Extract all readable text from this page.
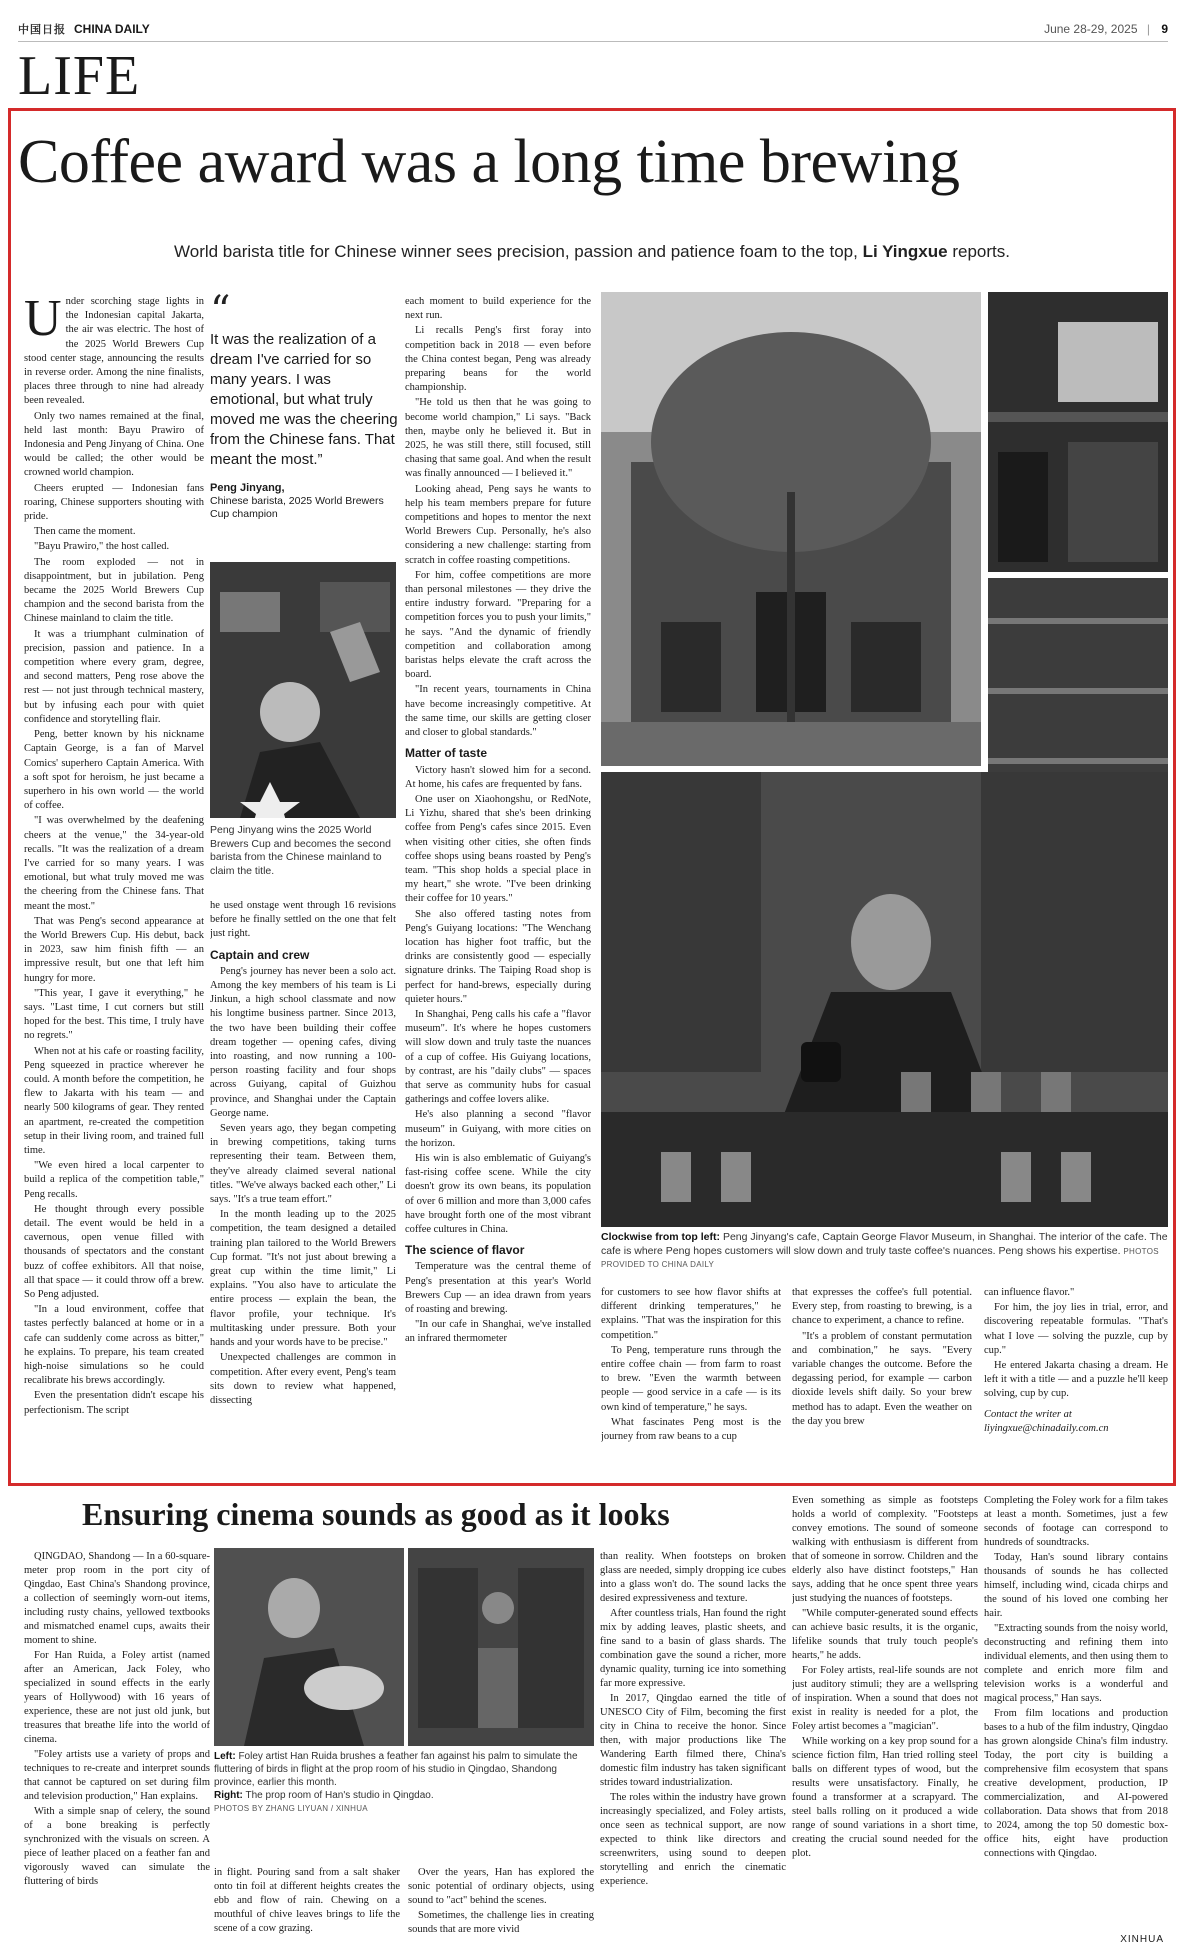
中国日报 CHINA DAILY	June 28-29, 2025 | 9
LIFE
Coffee award was a long time brewing
World barista title for Chinese winner sees precision, passion and patience foam to the top, Li Yingxue reports.

Under scorching stage lights in the Indonesian capital Jakarta, the air was electric. The host of the 2025 World Brewers Cup stood center stage, announcing the results in reverse order. Among the nine finalists, places three through to nine had already been revealed.

Only two names remained at the final, held last month: Bayu Prawiro of Indonesia and Peng Jinyang of China. One would be called; the other would be crowned world champion.

Cheers erupted — Indonesian fans roaring, Chinese supporters shouting with pride.

Then came the moment.

"Bayu Prawiro," the host called.

The room exploded — not in disappointment, but in jubilation. Peng became the 2025 World Brewers Cup champion and the second barista from the Chinese mainland to claim the title.

It was a triumphant culmination of precision, passion and patience. In a competition where every gram, degree, and second matters, Peng rose above the rest — not just through technical mastery, but by infusing each pour with quiet confidence and storytelling flair.

Peng, better known by his nickname Captain George, is a fan of Marvel Comics' superhero Captain America. With a soft spot for heroism, he just became a superhero in his own world — the world of coffee.

"I was overwhelmed by the deafening cheers at the venue," the 34-year-old recalls. "It was the realization of a dream I've carried for so many years. I was emotional, but what truly moved me was the cheering from the Chinese fans. That meant the most."

That was Peng's second appearance at the World Brewers Cup. His debut, back in 2023, saw him finish fifth — an impressive result, but one that left him hungry for more.

"This year, I gave it everything," he says. "Last time, I cut corners but still hoped for the best. This time, I truly have no regrets."

When not at his cafe or roasting facility, Peng squeezed in practice wherever he could. A month before the competition, he flew to Jakarta with his team — and nearly 500 kilograms of gear. They rented an apartment, re-created the competition setup in their living room, and trained full time.

"We even hired a local carpenter to build a replica of the competition table," Peng recalls.

He thought through every possible detail. The event would be held in a cavernous, open venue filled with thousands of spectators and the constant buzz of coffee exhibitors. All that noise, all that space — it could throw off a brew. So Peng adjusted.

"In a loud environment, coffee that tastes perfectly balanced at home or in a cafe can suddenly come across as bitter," he explains. To prepare, his team created high-noise simulations so he could recalibrate his brews accordingly.

Even the presentation didn't escape his perfectionism. The script

“
It was the realization of a dream I've carried for so many years. I was emotional, but what truly moved me was the cheering from the Chinese fans. That meant the most.”
Peng Jinyang,
Chinese barista, 2025 World Brewers Cup champion
Peng Jinyang wins the 2025 World Brewers Cup and becomes the second barista from the Chinese mainland to claim the title.

he used onstage went through 16 revisions before he finally settled on the one that felt just right.

Captain and crew

Peng's journey has never been a solo act. Among the key members of his team is Li Jinkun, a high school classmate and now his longtime business partner. Since 2013, the two have been building their coffee dream together — opening cafes, diving into roasting, and now running a 100-person roasting facility and four shops across Guiyang, capital of Guizhou province, and Shanghai under the Captain George name.

Seven years ago, they began competing in brewing competitions, taking turns representing their team. Between them, they've already claimed several national titles. "We've always backed each other," Li says. "It's a true team effort."

In the month leading up to the 2025 competition, the team designed a detailed training plan tailored to the World Brewers Cup format. "It's not just about brewing a great cup within the time limit," Li explains. "You also have to articulate the entire process — explain the bean, the flavor profile, your technique. It's multitasking under pressure. Both your hands and your words have to be precise."

Unexpected challenges are common in competition. After every event, Peng's team sits down to review what happened, dissecting

each moment to build experience for the next run.

Li recalls Peng's first foray into competition back in 2018 — even before the China contest began, Peng was already preparing beans for the world championship.

"He told us then that he was going to become world champion," Li says. "Back then, maybe only he believed it. But in 2025, he was still there, still focused, still chasing that same goal. And when the result was finally announced — I believed it."

Looking ahead, Peng says he wants to help his team members prepare for future competitions and hopes to mentor the next World Brewers Cup. Personally, he's also considering a new challenge: starting from scratch in coffee roasting competitions.

For him, coffee competitions are more than personal milestones — they drive the entire industry forward. "Preparing for a competition forces you to push your limits," he says. "And the dynamic of friendly competition and collaboration among baristas helps elevate the craft across the board.

"In recent years, tournaments in China have become increasingly competitive. At the same time, our skills are getting closer and closer to global standards."

Matter of taste

Victory hasn't slowed him for a second. At home, his cafes are frequented by fans.

One user on Xiaohongshu, or RedNote, Li Yizhu, shared that she's been drinking coffee from Peng's cafes since 2015. Even when visiting other cities, she often finds coffee shops using beans roasted by Peng's team. "This shop holds a special place in my heart," she wrote. "I've been drinking their coffee for 10 years."

She also offered tasting notes from Peng's Guiyang locations: "The Wenchang location has higher foot traffic, but the drinks are consistently good — especially signature drinks. The Taiping Road shop is perfect for hand-brews, especially during quieter hours."

In Shanghai, Peng calls his cafe a "flavor museum". It's where he hopes customers will slow down and truly taste the nuances of a cup of coffee. His Guiyang locations, by contrast, are his "daily clubs" — spaces that serve as community hubs for casual gatherings and coffee lovers alike.

He's also planning a second "flavor museum" in Guiyang, with more cities on the horizon.

His win is also emblematic of Guiyang's fast-rising coffee scene. While the city doesn't grow its own beans, its population of over 6 million and more than 3,000 cafes have brought forth one of the most vibrant coffee cultures in China.

The science of flavor

Temperature was the central theme of Peng's presentation at this year's World Brewers Cup — an idea drawn from years of roasting and brewing.

"In our cafe in Shanghai, we've installed an infrared thermometer

Clockwise from top left: Peng Jinyang's cafe, Captain George Flavor Museum, in Shanghai. The interior of the cafe. The cafe is where Peng hopes customers will slow down and truly taste coffee's nuances. Peng shows his expertise. PHOTOS PROVIDED TO CHINA DAILY

for customers to see how flavor shifts at different drinking temperatures," he explains. "That was the inspiration for this competition."

To Peng, temperature runs through the entire coffee chain — from farm to roast to brew. "Even the warmth between people — good service in a cafe — is its own kind of temperature," he says.

What fascinates Peng most is the journey from raw beans to a cup

that expresses the coffee's full potential. Every step, from roasting to brewing, is a chance to experiment, a chance to refine.

"It's a problem of constant permutation and combination," he says. "Every variable changes the outcome. Before the degassing period, for example — carbon dioxide levels shift daily. So your brew method has to adapt. Even the weather on the day you brew

can influence flavor."

For him, the joy lies in trial, error, and discovering repeatable formulas. "That's what I love — solving the puzzle, cup by cup."

He entered Jakarta chasing a dream. He left it with a title — and a puzzle he'll keep solving, cup by cup.

Contact the writer at
liyingxue@chinadaily.com.cn

Ensuring cinema sounds as good as it looks

QINGDAO, Shandong — In a 60-square-meter prop room in the port city of Qingdao, East China's Shandong province, a collection of seemingly worn-out items, including rusty chains, yellowed textbooks and mismatched enamel cups, awaits their moment to shine.

For Han Ruida, a Foley artist (named after an American, Jack Foley, who specialized in sound effects in the early years of Hollywood) with 16 years of experience, these are not just old junk, but treasures that breathe life into the world of cinema.

"Foley artists use a variety of props and techniques to re-create and interpret sounds that cannot be captured on set during film and television production," Han explains.

With a simple snap of celery, the sound of a bone breaking is perfectly synchronized with the visuals on screen. A piece of leather placed on a feather fan and vigorously waved can simulate the fluttering of birds

Left: Foley artist Han Ruida brushes a feather fan against his palm to simulate the fluttering of birds in flight at the prop room of his studio in Qingdao, Shandong province, earlier this month.
Right: The prop room of Han's studio in Qingdao.
PHOTOS BY ZHANG LIYUAN / XINHUA

in flight. Pouring sand from a salt shaker onto tin foil at different heights creates the ebb and flow of rain. Chewing on a mouthful of chive leaves brings to life the scene of a cow grazing.

Over the years, Han has explored the sonic potential of ordinary objects, using sound to "act" behind the scenes.

Sometimes, the challenge lies in creating sounds that are more vivid

than reality. When footsteps on broken glass are needed, simply dropping ice cubes into a glass won't do. The sound lacks the desired expressiveness and texture.

After countless trials, Han found the right mix by adding leaves, plastic sheets, and fine sand to a basin of glass shards. The combination gave the sound a richer, more dynamic quality, turning ice into something far more expressive.

In 2017, Qingdao earned the title of UNESCO City of Film, becoming the first city in China to receive the honor. Since then, with major productions like The Wandering Earth filmed there, China's domestic film industry has taken significant strides toward industrialization.

The roles within the industry have grown increasingly specialized, and Foley artists, once seen as technical support, are now expected to think like directors and screenwriters, using sound to deepen storytelling and enrich the cinematic experience.

Even something as simple as footsteps holds a world of complexity. "Footsteps convey emotions. The sound of someone walking with enthusiasm is different from that of someone in sorrow. Children and the elderly also have distinct footsteps," Han says, adding that he once spent three years just studying the nuances of footsteps.

"While computer-generated sound effects can achieve basic results, it is the organic, lifelike sounds that truly touch people's hearts," he adds.

For Foley artists, real-life sounds are not just auditory stimuli; they are a wellspring of inspiration. When a sound that does not exist in reality is needed for a plot, the Foley artist becomes a "magician".

While working on a key prop sound for a science fiction film, Han tried rolling steel balls on different types of wood, but the results were unsatisfactory. Finally, he found a transformer at a scrapyard. The steel balls rolling on it produced a wide range of sound variations in a short time, creating the crucial sound needed for the plot.

Completing the Foley work for a film takes at least a month. Sometimes, just a few seconds of footage can correspond to hundreds of soundtracks.

Today, Han's sound library contains thousands of sounds he has collected himself, including wind, cicada chirps and the sound of his loved one combing her hair.

"Extracting sounds from the noisy world, deconstructing and refining them into individual elements, and then using them to complete and enrich more film and television works is a wonderful and magical process," Han says.

From film locations and production bases to a hub of the film industry, Qingdao has grown alongside China's film industry. Today, the port city is building a comprehensive film ecosystem that spans creative development, production, IP commercialization, and AI-powered collaboration. Data shows that from 2018 to 2024, among the top 50 domestic box-office hits, eight have production connections with Qingdao.

XINHUA
